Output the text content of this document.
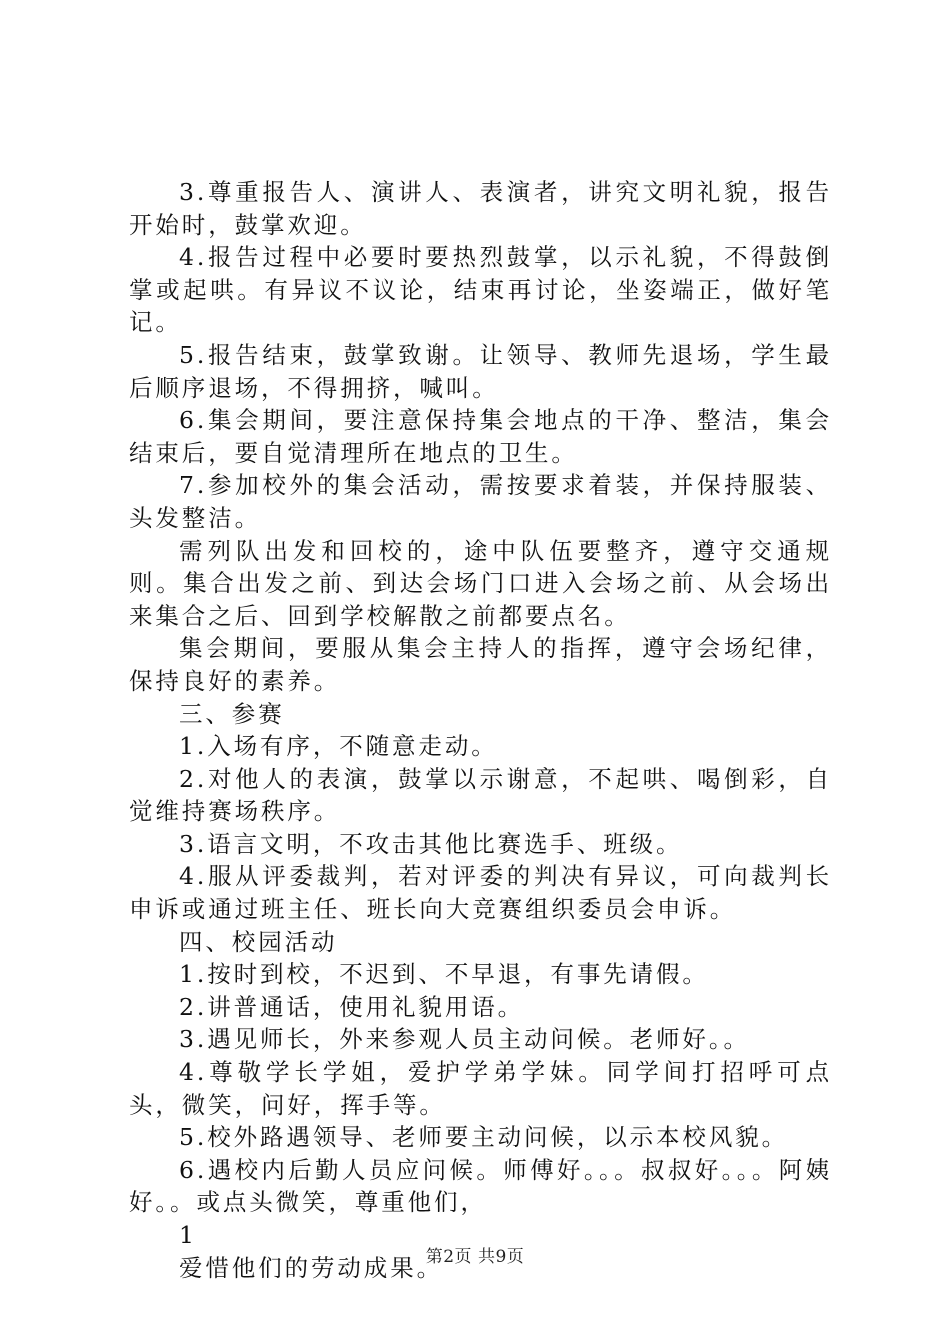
3.尊重报告人、演讲人、表演者，讲究文明礼貌，报告开始时，鼓掌欢迎。

4.报告过程中必要时要热烈鼓掌，以示礼貌，不得鼓倒掌或起哄。有异议不议论，结束再讨论，坐姿端正，做好笔记。

5.报告结束，鼓掌致谢。让领导、教师先退场，学生最后顺序退场，不得拥挤，喊叫。

6.集会期间，要注意保持集会地点的干净、整洁，集会结束后，要自觉清理所在地点的卫生。

7.参加校外的集会活动，需按要求着装，并保持服装、头发整洁。

需列队出发和回校的，途中队伍要整齐，遵守交通规则。集合出发之前、到达会场门口进入会场之前、从会场出来集合之后、回到学校解散之前都要点名。

集会期间，要服从集会主持人的指挥，遵守会场纪律，保持良好的素养。

三、参赛

1.入场有序，不随意走动。

2.对他人的表演，鼓掌以示谢意，不起哄、喝倒彩，自觉维持赛场秩序。

3.语言文明，不攻击其他比赛选手、班级。

4.服从评委裁判，若对评委的判决有异议，可向裁判长申诉或通过班主任、班长向大竞赛组织委员会申诉。

四、校园活动

1.按时到校，不迟到、不早退，有事先请假。

2.讲普通话，使用礼貌用语。

3.遇见师长，外来参观人员主动问候。老师好。。

4.尊敬学长学姐，爱护学弟学妹。同学间打招呼可点头，微笑，问好，挥手等。

5.校外路遇领导、老师要主动问候，以示本校风貌。

6.遇校内后勤人员应问候。师傅好。。。叔叔好。。。阿姨好。。或点头微笑，尊重他们，

1

爱惜他们的劳动成果。

第2页 共9页
